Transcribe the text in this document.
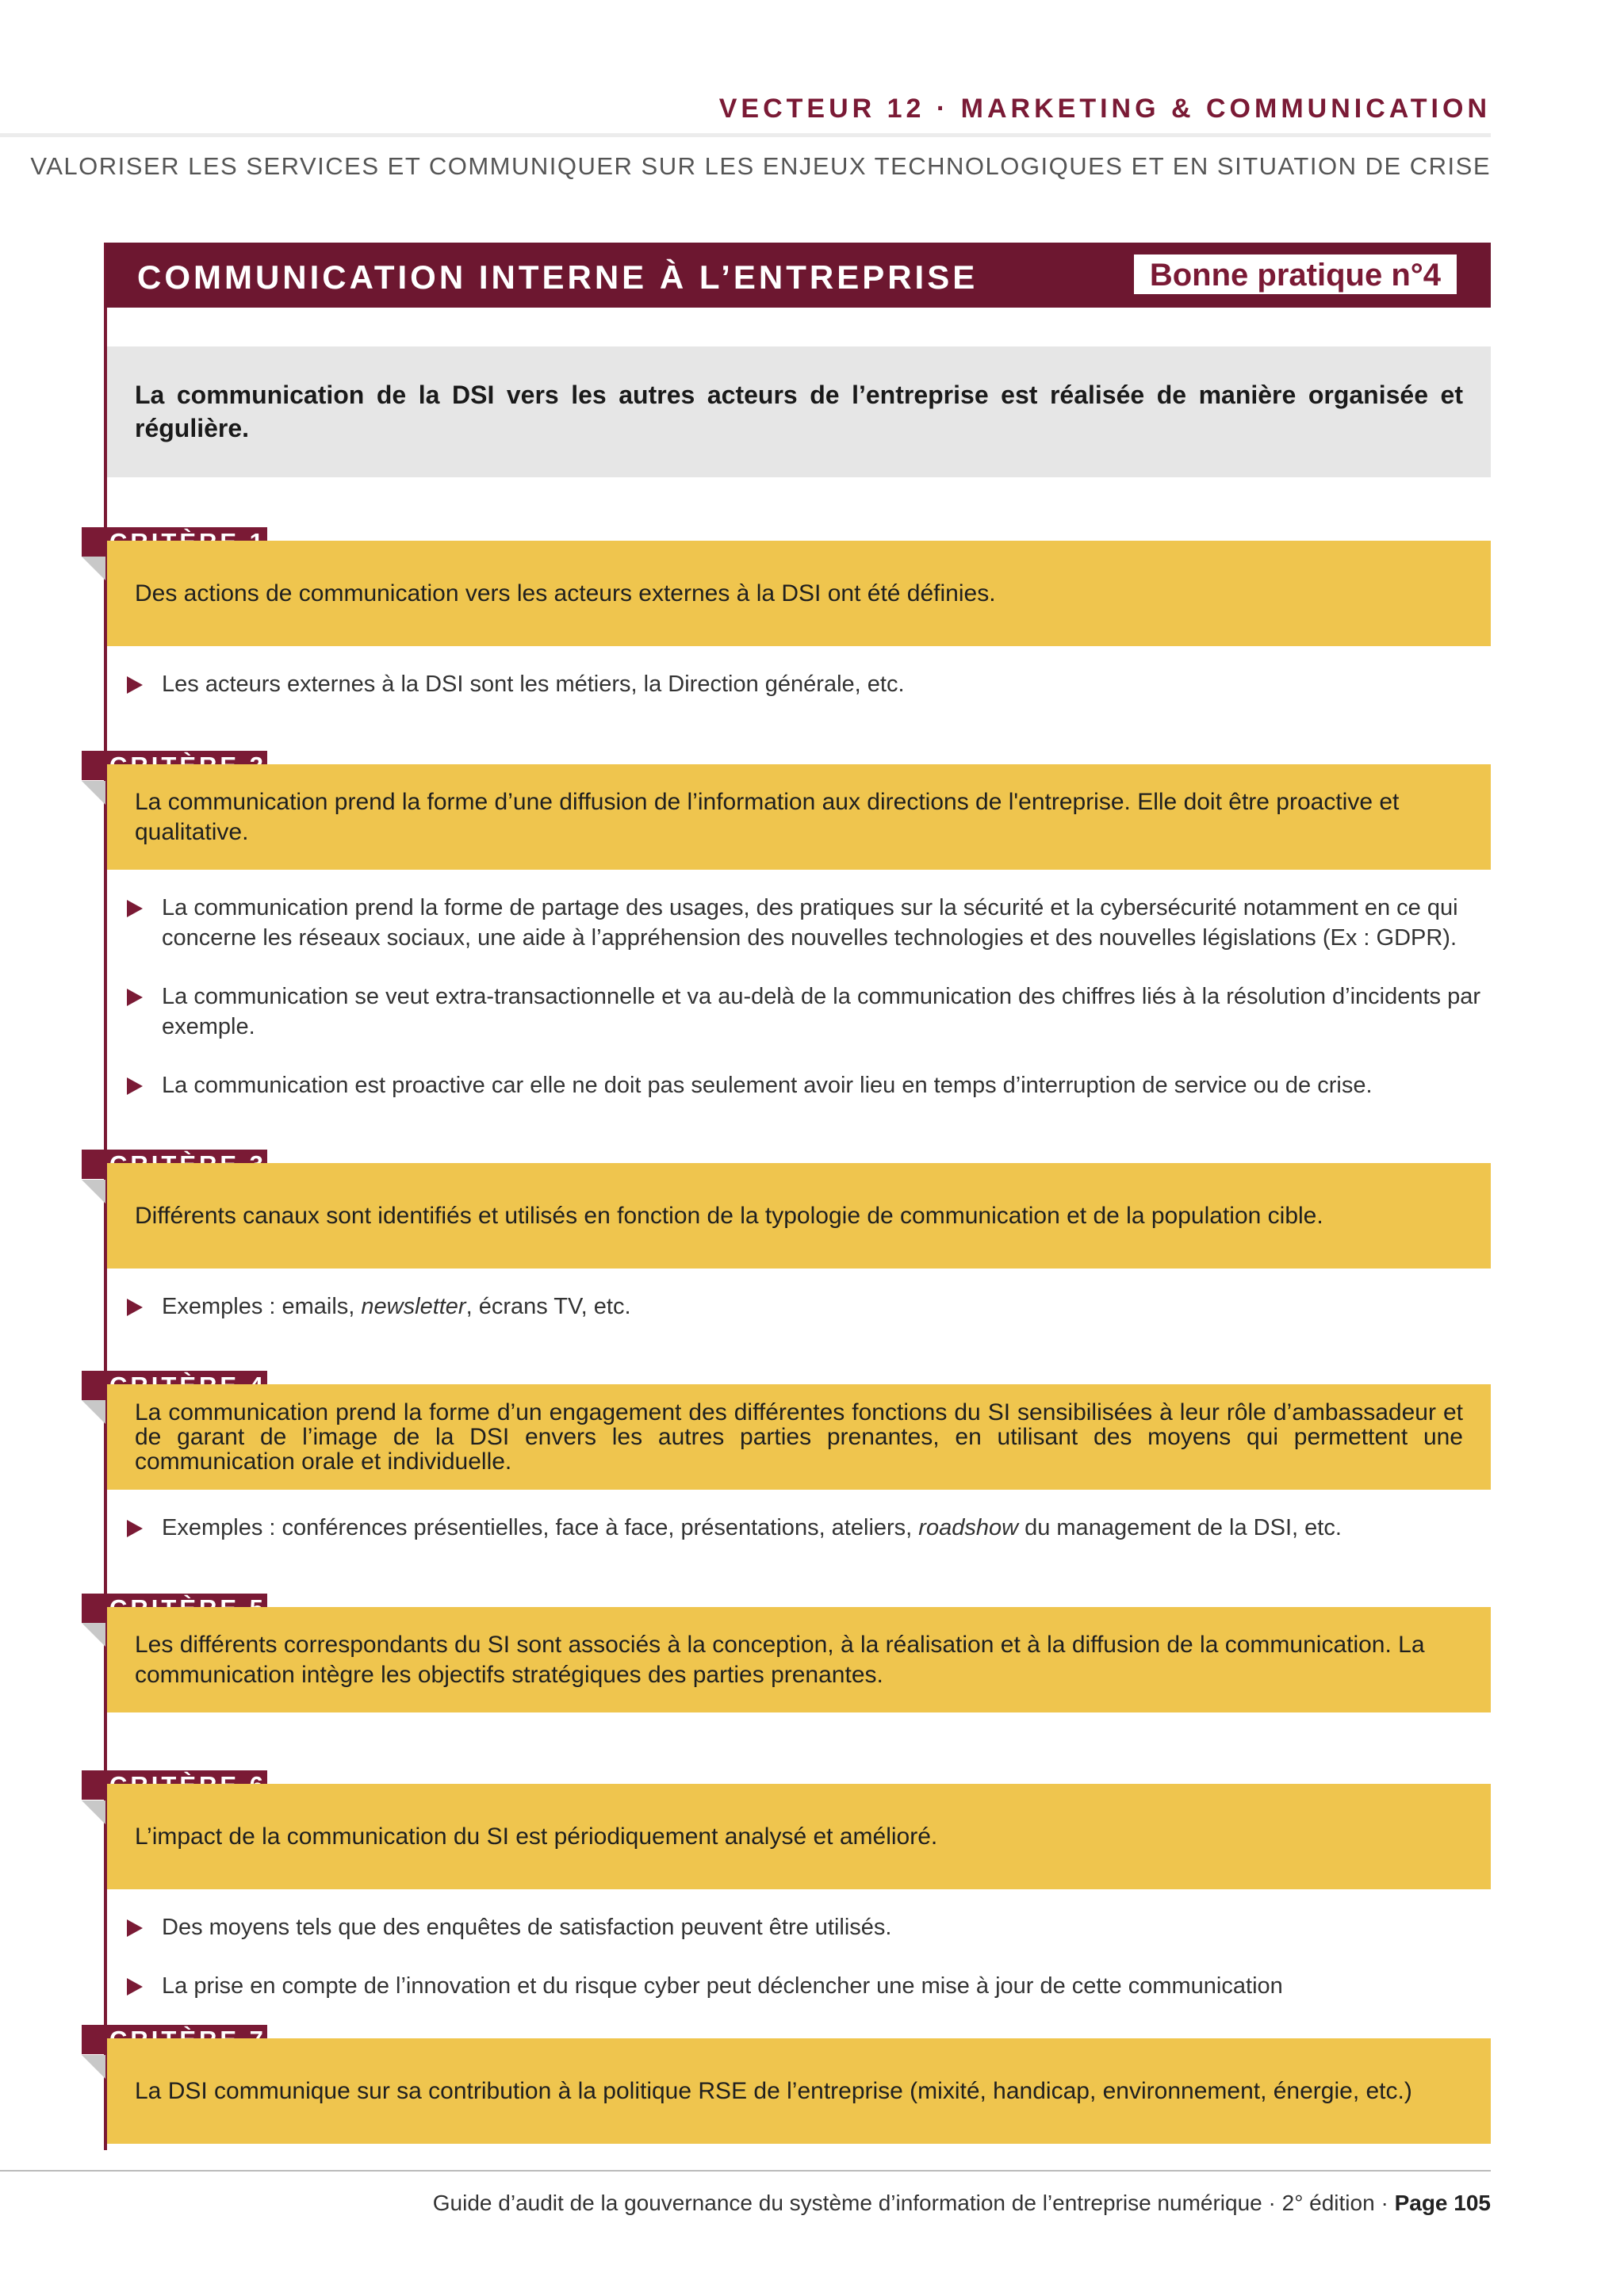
VECTEUR 12 · MARKETING & COMMUNICATION
VALORISER LES SERVICES ET COMMUNIQUER SUR LES ENJEUX TECHNOLOGIQUES ET EN SITUATION DE CRISE
COMMUNICATION INTERNE À L’ENTREPRISE	Bonne pratique n°4
La communication de la DSI vers les autres acteurs de l’entreprise est réalisée de manière organisée et régulière.
Des actions de communication vers les acteurs externes à la DSI ont été définies.
Les acteurs externes à la DSI sont les métiers, la Direction générale, etc.
La communication prend la forme d’une diffusion de l’information aux directions de l'entreprise. Elle doit être proactive et qualitative.
La communication prend la forme de partage des usages, des pratiques sur la sécurité et la cybersécurité notamment en ce qui concerne les réseaux sociaux, une aide à l’appréhension des nouvelles technologies et des nouvelles législations (Ex : GDPR).
La communication se veut extra-transactionnelle et va au-delà de la communication des chiffres liés à la résolution d’incidents par exemple.
La communication est proactive car elle ne doit pas seulement avoir lieu en temps d’interruption de service ou de crise.
Différents canaux sont identifiés et utilisés en fonction de la typologie de communication et de la population cible.
Exemples : emails, newsletter, écrans TV, etc.
La communication prend la forme d’un engagement des différentes fonctions du SI sensibilisées à leur rôle d’ambassadeur et de garant de l’image de la DSI envers les autres parties prenantes, en utilisant des moyens qui permettent une communication orale et individuelle.
Exemples : conférences présentielles, face à face, présentations, ateliers, roadshow du management de la DSI, etc.
Les différents correspondants du SI sont associés à la conception, à la réalisation et à la diffusion de la communication. La communication intègre les objectifs stratégiques des parties prenantes.
L’impact de la communication du SI est périodiquement analysé et amélioré.
Des moyens tels que des enquêtes de satisfaction peuvent être utilisés.
La prise en compte de l’innovation et du risque cyber peut déclencher une mise à jour de cette communication
La DSI communique sur sa contribution à la politique RSE de l’entreprise (mixité, handicap, environnement, énergie, etc.)
Guide d’audit de la gouvernance du système d’information de l’entreprise numérique · 2° édition · Page 105
